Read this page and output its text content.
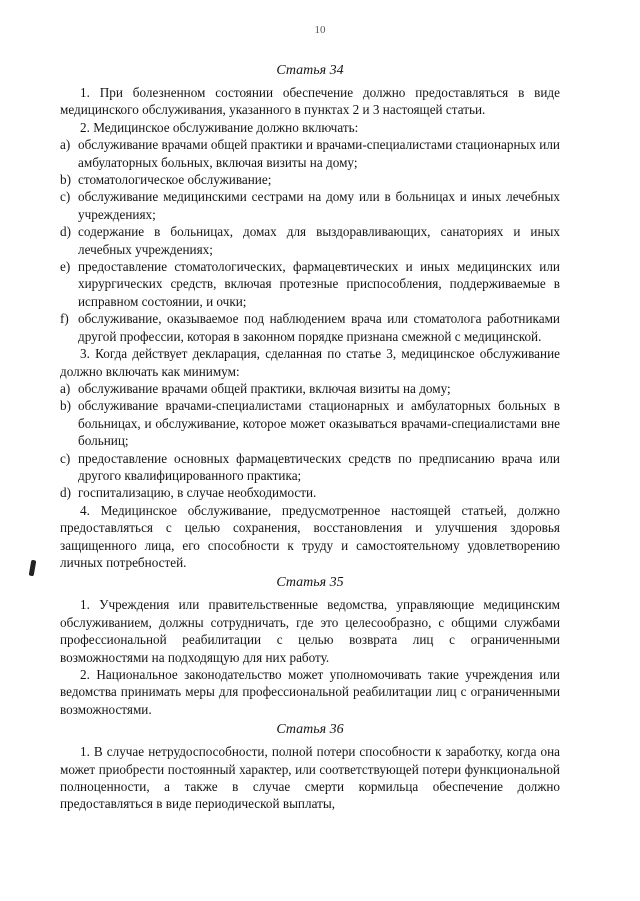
10
Статья 34

1. При болезненном состоянии обеспечение должно предоставляться в виде медицинского обслуживания, указанного в пунктах 2 и 3 настоящей статьи.

2. Медицинское обслуживание должно включать:

a) обслуживание врачами общей практики и врачами-специалистами стационарных или амбулаторных больных, включая визиты на дому;
b) стоматологическое обслуживание;
c) обслуживание медицинскими сестрами на дому или в больницах и иных лечебных учреждениях;
d) содержание в больницах, домах для выздоравливающих, санаториях и иных лечебных учреждениях;
e) предоставление стоматологических, фармацевтических и иных медицинских или хирургических средств, включая протезные приспособления, поддерживаемые в исправном состоянии, и очки;
f) обслуживание, оказываемое под наблюдением врача или стоматолога работниками другой профессии, которая в законном порядке признана смежной с медицинской.

3. Когда действует декларация, сделанная по статье 3, медицинское обслуживание должно включать как минимум:

a) обслуживание врачами общей практики, включая визиты на дому;
b) обслуживание врачами-специалистами стационарных и амбулаторных больных в больницах, и обслуживание, которое может оказываться врачами-специалистами вне больниц;
c) предоставление основных фармацевтических средств по предписанию врача или другого квалифицированного практика;
d) госпитализацию, в случае необходимости.

4. Медицинское обслуживание, предусмотренное настоящей статьей, должно предоставляться с целью сохранения, восстановления и улучшения здоровья защищенного лица, его способности к труду и самостоятельному удовлетворению личных потребностей.

Статья 35

1. Учреждения или правительственные ведомства, управляющие медицинским обслуживанием, должны сотрудничать, где это целесообразно, с общими службами профессиональной реабилитации с целью возврата лиц с ограниченными возможностями на подходящую для них работу.

2. Национальное законодательство может уполномочивать такие учреждения или ведомства принимать меры для профессиональной реабилитации лиц с ограниченными возможностями.

Статья 36

1. В случае нетрудоспособности, полной потери способности к заработку, когда она может приобрести постоянный характер, или соответствующей потери функциональной полноценности, а также в случае смерти кормильца обеспечение должно предоставляться в виде периодической выплаты,
